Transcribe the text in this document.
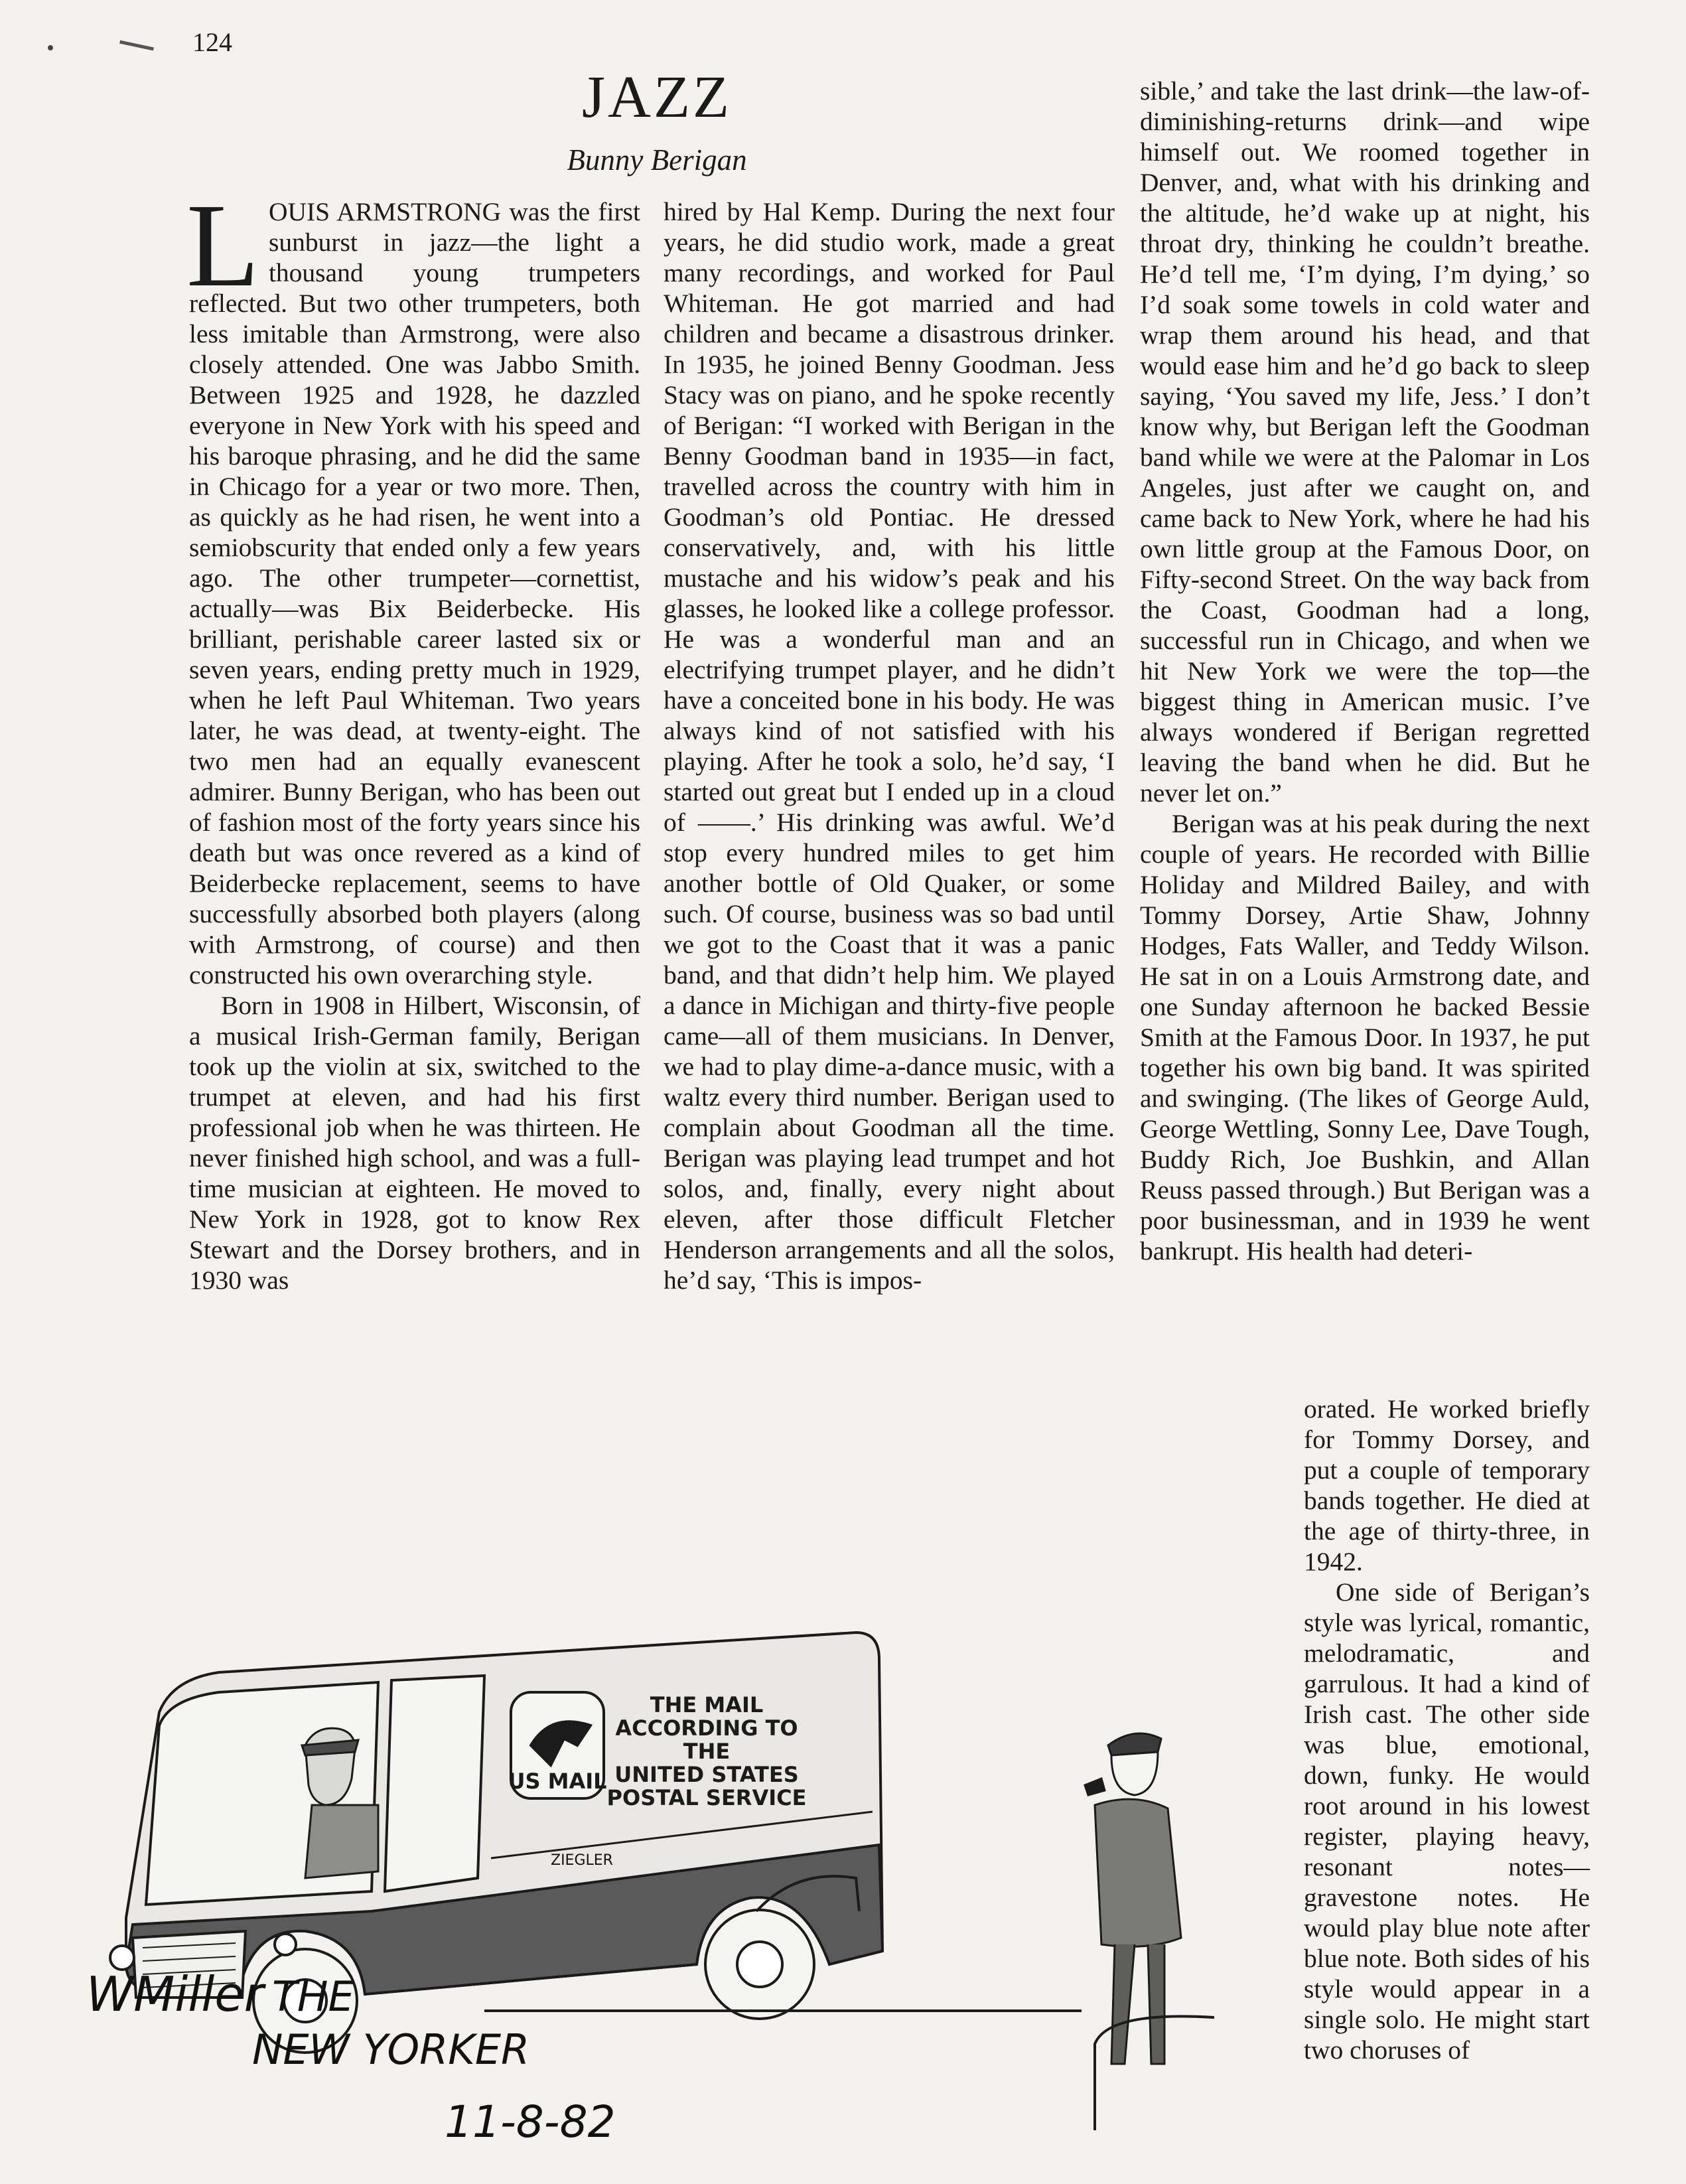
124
JAZZ
Bunny Berigan

LOUIS ARMSTRONG was the first sunburst in jazz—the light a thousand young trumpeters reflected. But two other trumpeters, both less imitable than Armstrong, were also closely attended. One was Jabbo Smith. Between 1925 and 1928, he dazzled everyone in New York with his speed and his baroque phrasing, and he did the same in Chicago for a year or two more. Then, as quickly as he had risen, he went into a semiobscurity that ended only a few years ago. The other trumpeter—cornettist, actually—was Bix Beiderbecke. His brilliant, perishable career lasted six or seven years, ending pretty much in 1929, when he left Paul Whiteman. Two years later, he was dead, at twenty-eight. The two men had an equally evanescent admirer. Bunny Berigan, who has been out of fashion most of the forty years since his death but was once revered as a kind of Beiderbecke replacement, seems to have successfully absorbed both players (along with Armstrong, of course) and then constructed his own overarching style.

Born in 1908 in Hilbert, Wisconsin, of a musical Irish-German family, Berigan took up the violin at six, switched to the trumpet at eleven, and had his first professional job when he was thirteen. He never finished high school, and was a full-time musician at eighteen. He moved to New York in 1928, got to know Rex Stewart and the Dorsey brothers, and in 1930 was

hired by Hal Kemp. During the next four years, he did studio work, made a great many recordings, and worked for Paul Whiteman. He got married and had children and became a disastrous drinker. In 1935, he joined Benny Goodman. Jess Stacy was on piano, and he spoke recently of Berigan: “I worked with Berigan in the Benny Goodman band in 1935—in fact, travelled across the country with him in Goodman’s old Pontiac. He dressed conservatively, and, with his little mustache and his widow’s peak and his glasses, he looked like a college professor. He was a wonderful man and an electrifying trumpet player, and he didn’t have a conceited bone in his body. He was always kind of not satisfied with his playing. After he took a solo, he’d say, ‘I started out great but I ended up in a cloud of ——.’ His drinking was awful. We’d stop every hundred miles to get him another bottle of Old Quaker, or some such. Of course, business was so bad until we got to the Coast that it was a panic band, and that didn’t help him. We played a dance in Michigan and thirty-five people came—all of them musicians. In Denver, we had to play dime-a-dance music, with a waltz every third number. Berigan used to complain about Goodman all the time. Berigan was playing lead trumpet and hot solos, and, finally, every night about eleven, after those difficult Fletcher Henderson arrangements and all the solos, he’d say, ‘This is impos-

sible,’ and take the last drink—the law-of-diminishing-returns drink—and wipe himself out. We roomed together in Denver, and, what with his drinking and the altitude, he’d wake up at night, his throat dry, thinking he couldn’t breathe. He’d tell me, ‘I’m dying, I’m dying,’ so I’d soak some towels in cold water and wrap them around his head, and that would ease him and he’d go back to sleep saying, ‘You saved my life, Jess.’ I don’t know why, but Berigan left the Goodman band while we were at the Palomar in Los Angeles, just after we caught on, and came back to New York, where he had his own little group at the Famous Door, on Fifty-second Street. On the way back from the Coast, Goodman had a long, successful run in Chicago, and when we hit New York we were the top—the biggest thing in American music. I’ve always wondered if Berigan regretted leaving the band when he did. But he never let on.”

Berigan was at his peak during the next couple of years. He recorded with Billie Holiday and Mildred Bailey, and with Tommy Dorsey, Artie Shaw, Johnny Hodges, Fats Waller, and Teddy Wilson. He sat in on a Louis Armstrong date, and one Sunday afternoon he backed Bessie Smith at the Famous Door. In 1937, he put together his own big band. It was spirited and swinging. (The likes of George Auld, George Wettling, Sonny Lee, Dave Tough, Buddy Rich, Joe Bushkin, and Allan Reuss passed through.) But Berigan was a poor businessman, and in 1939 he went bankrupt. His health had deteri-

orated. He worked briefly for Tommy Dorsey, and put a couple of temporary bands together. He died at the age of thirty-three, in 1942.

One side of Berigan’s style was lyrical, romantic, melodramatic, and garrulous. It had a kind of Irish cast. The other side was blue, emotional, down, funky. He would root around in his lowest register, playing heavy, resonant notes—gravestone notes. He would play blue note after blue note. Both sides of his style would appear in a single solo. He might start two choruses of

THE MAIL
ACCORDING TO
THE
UNITED STATES
POSTAL SERVICE
US MAIL
ZIEGLER
WMiller THE
NEW YORKER
11-8-82
